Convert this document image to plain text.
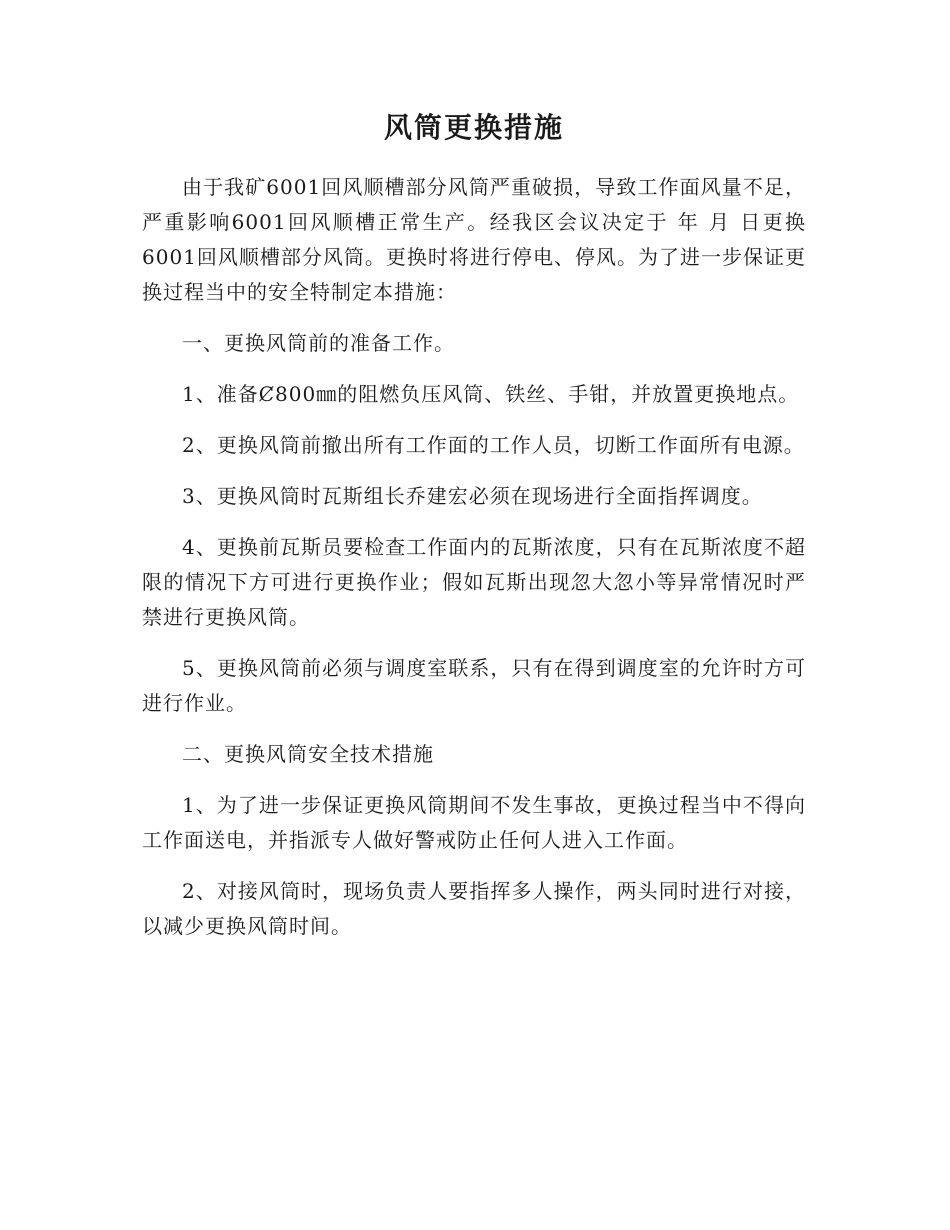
风筒更换措施

由于我矿6001回风顺槽部分风筒严重破损，导致工作面风量不足，严重影响6001回风顺槽正常生产。经我区会议决定于 年 月 日更换6001回风顺槽部分风筒。更换时将进行停电、停风。为了进一步保证更换过程当中的安全特制定本措施：

一、更换风筒前的准备工作。

1、准备Ȼ800㎜的阻燃负压风筒、铁丝、手钳，并放置更换地点。

2、更换风筒前撤出所有工作面的工作人员，切断工作面所有电源。

3、更换风筒时瓦斯组长乔建宏必须在现场进行全面指挥调度。

4、更换前瓦斯员要检查工作面内的瓦斯浓度，只有在瓦斯浓度不超限的情况下方可进行更换作业；假如瓦斯出现忽大忽小等异常情况时严禁进行更换风筒。

5、更换风筒前必须与调度室联系，只有在得到调度室的允许时方可进行作业。

二、更换风筒安全技术措施

1、为了进一步保证更换风筒期间不发生事故，更换过程当中不得向工作面送电，并指派专人做好警戒防止任何人进入工作面。

2、对接风筒时，现场负责人要指挥多人操作，两头同时进行对接，以减少更换风筒时间。
